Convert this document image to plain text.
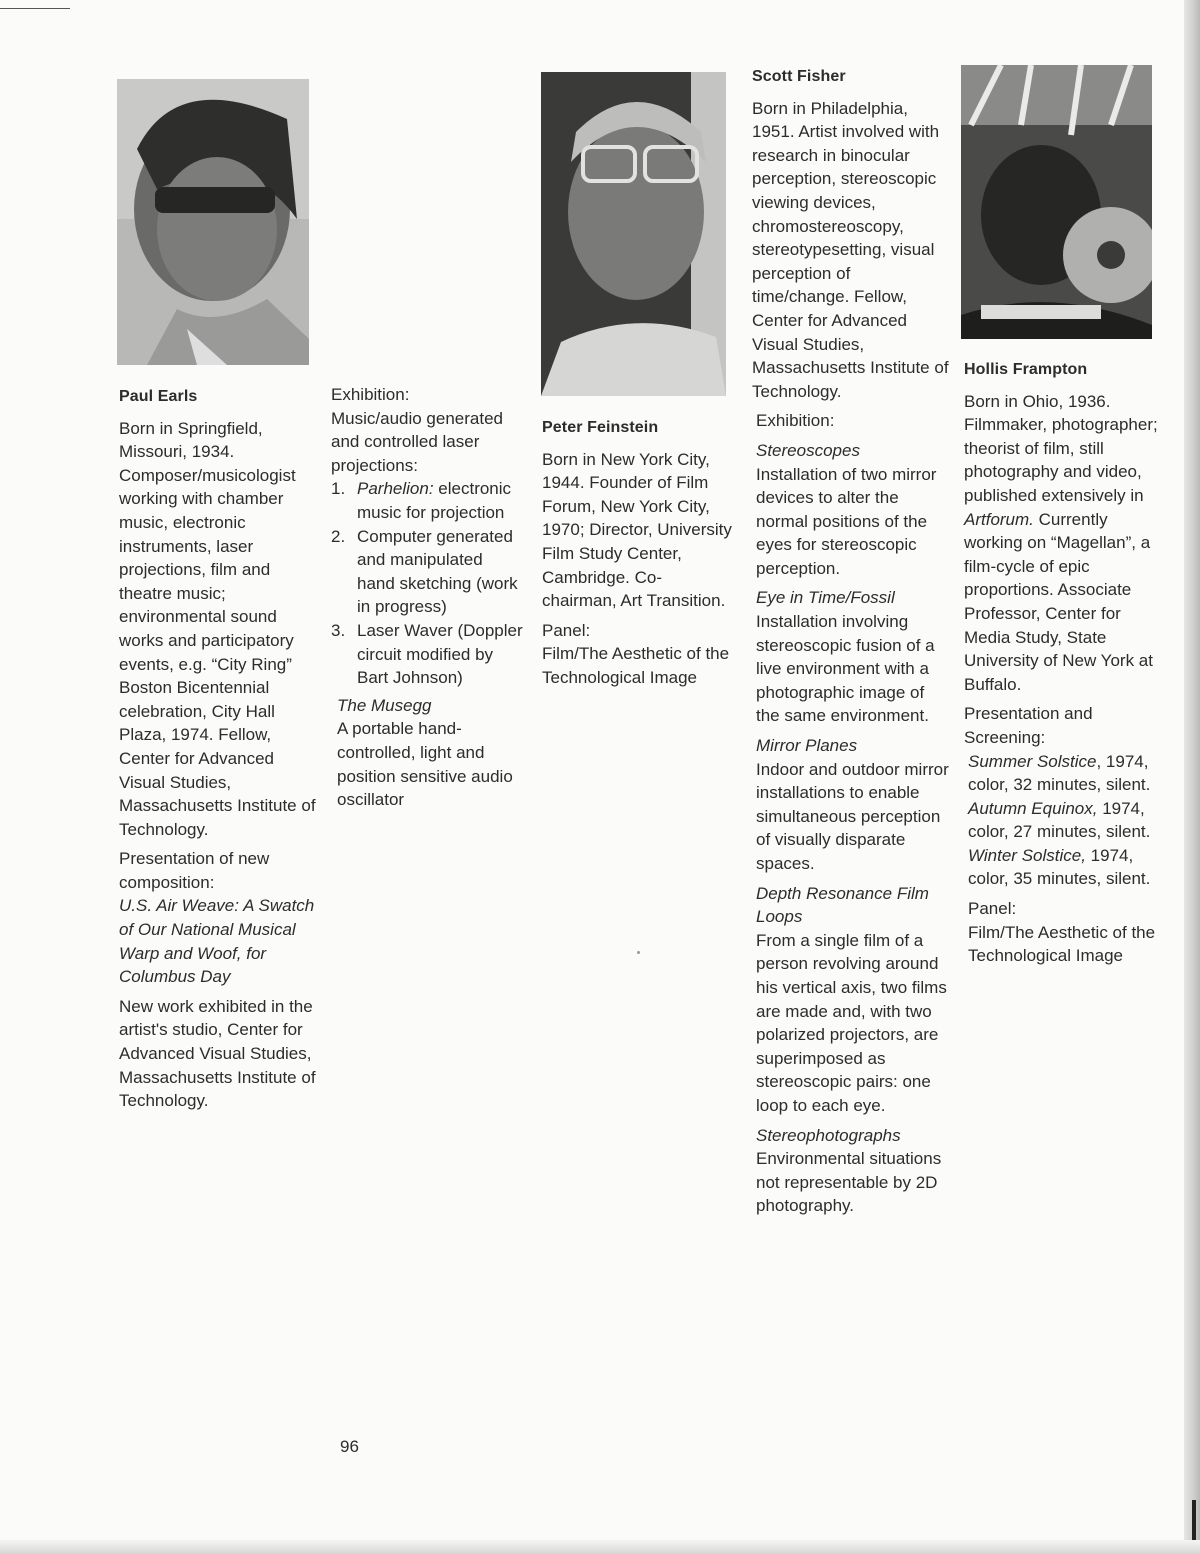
Paul Earls

Born in Springfield, Missouri, 1934. Composer/musicologist working with chamber music, electronic instruments, laser projections, film and theatre music; environmental sound works and participatory events, e.g. “City Ring” Boston Bicentennial celebration, City Hall Plaza, 1974. Fellow, Center for Advanced Visual Studies, Massachusetts Institute of Technology.

Presentation of new composition:

U.S. Air Weave: A Swatch of Our National Musical Warp and Woof, for Columbus Day

New work exhibited in the artist's studio, Center for Advanced Visual Studies, Massachusetts Institute of Technology.

Exhibition:

Music/audio generated and controlled laser projections:

1. Parhelion: electronic music for projection
2. Computer generated and manipulated hand sketching (work in progress)
3. Laser Waver (Doppler circuit modified by Bart Johnson)

The Musegg

A portable hand-controlled, light and position sensitive audio oscillator

Peter Feinstein

Born in New York City, 1944. Founder of Film Forum, New York City, 1970; Director, University Film Study Center, Cambridge. Co-chairman, Art Transition.

Panel:

Film/The Aesthetic of the Technological Image

Scott Fisher

Born in Philadelphia, 1951. Artist involved with research in binocular perception, stereoscopic viewing devices, chromostereoscopy, stereotypesetting, visual perception of time/change. Fellow, Center for Advanced Visual Studies, Massachusetts Institute of Technology.

Exhibition:

Stereoscopes
Installation of two mirror devices to alter the normal positions of the eyes for stereoscopic perception.

Eye in Time/Fossil
Installation involving stereoscopic fusion of a live environment with a photographic image of the same environment.

Mirror Planes
Indoor and outdoor mirror installations to enable simultaneous perception of visually disparate spaces.

Depth Resonance Film Loops
From a single film of a person revolving around his vertical axis, two films are made and, with two polarized projectors, are superimposed as stereoscopic pairs: one loop to each eye.

Stereophotographs
Environmental situations not representable by 2D photography.

Hollis Frampton

Born in Ohio, 1936. Filmmaker, photographer; theorist of film, still photography and video, published extensively in Artforum. Currently working on “Magellan”, a film-cycle of epic proportions. Associate Professor, Center for Media Study, State University of New York at Buffalo.

Presentation and Screening:

Summer Solstice, 1974, color, 32 minutes, silent.
Autumn Equinox, 1974, color, 27 minutes, silent.
Winter Solstice, 1974, color, 35 minutes, silent.

Panel:

Film/The Aesthetic of the Technological Image

96
